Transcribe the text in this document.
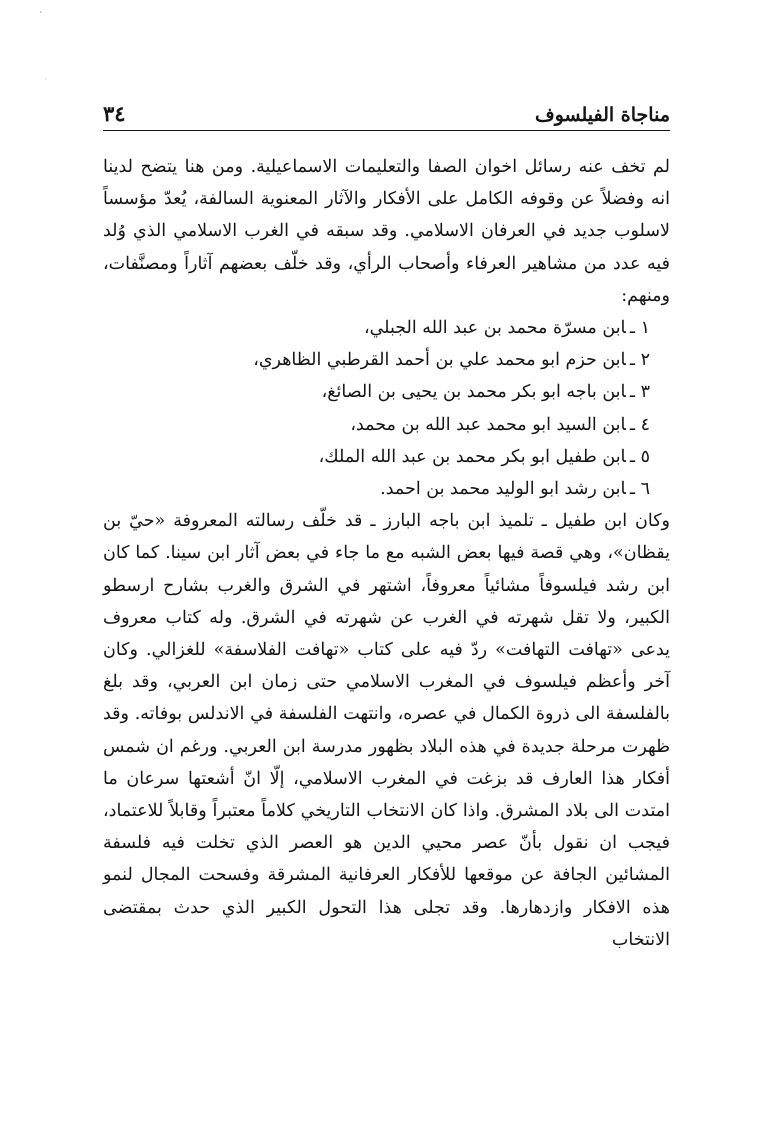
٠
٠
مناجاة الفيلسوف
٣٤

لم تخف عنه رسائل اخوان الصفا والتعليمات الاسماعيلية. ومن هنا يتضح لدينا انه وفضلاً عن وقوفه الكامل على الأفكار والآثار المعنوية السالفة، يُعدّ مؤسساً لاسلوب جديد في العرفان الاسلامي. وقد سبقه في الغرب الاسلامي الذي وُلد فيه عدد من مشاهير العرفاء وأصحاب الرأي، وقد خلّف بعضهم آثاراً ومصنَّفات، ومنهم:

١ ـابن مسرّة محمد بن عبد الله الجبلي،
٢ ـابن حزم ابو محمد علي بن أحمد القرطبي الظاهري،
٣ ـابن باجه ابو بكر محمد بن يحيى بن الصائغ،
٤ ـابن السيد ابو محمد عبد الله بن محمد،
٥ ـابن طفيل ابو بكر محمد بن عبد الله الملك،
٦ ـابن رشد ابو الوليد محمد بن احمد.

وكان ابن طفيل ـ تلميذ ابن باجه البارز ـ قد خلّف رسالته المعروفة «حيّ بن يقظان»، وهي قصة فيها بعض الشبه مع ما جاء في بعض آثار ابن سينا. كما كان ابن رشد فيلسوفاً مشائياً معروفاً، اشتهر في الشرق والغرب بشارح ارسطو الكبير، ولا تقل شهرته في الغرب عن شهرته في الشرق. وله كتاب معروف يدعى «تهافت التهافت» ردّ فيه على كتاب «تهافت الفلاسفة» للغزالي. وكان آخر وأعظم فيلسوف في المغرب الاسلامي حتى زمان ابن العربي، وقد بلغ بالفلسفة الى ذروة الكمال في عصره، وانتهت الفلسفة في الاندلس بوفاته. وقد ظهرت مرحلة جديدة في هذه البلاد بظهور مدرسة ابن العربي. ورغم ان شمس أفكار هذا العارف قد بزغت في المغرب الاسلامي، إلّا انّ أشعتها سرعان ما امتدت الى بلاد المشرق. واذا كان الانتخاب التاريخي كلاماً معتبراً وقابلاً للاعتماد، فيجب ان نقول بأنّ عصر محيي الدين هو العصر الذي تخلت فيه فلسفة المشائين الجافة عن موقعها للأفكار العرفانية المشرقة وفسحت المجال لنمو هذه الافكار وازدهارها. وقد تجلى هذا التحول الكبير الذي حدث بمقتضى الانتخاب
